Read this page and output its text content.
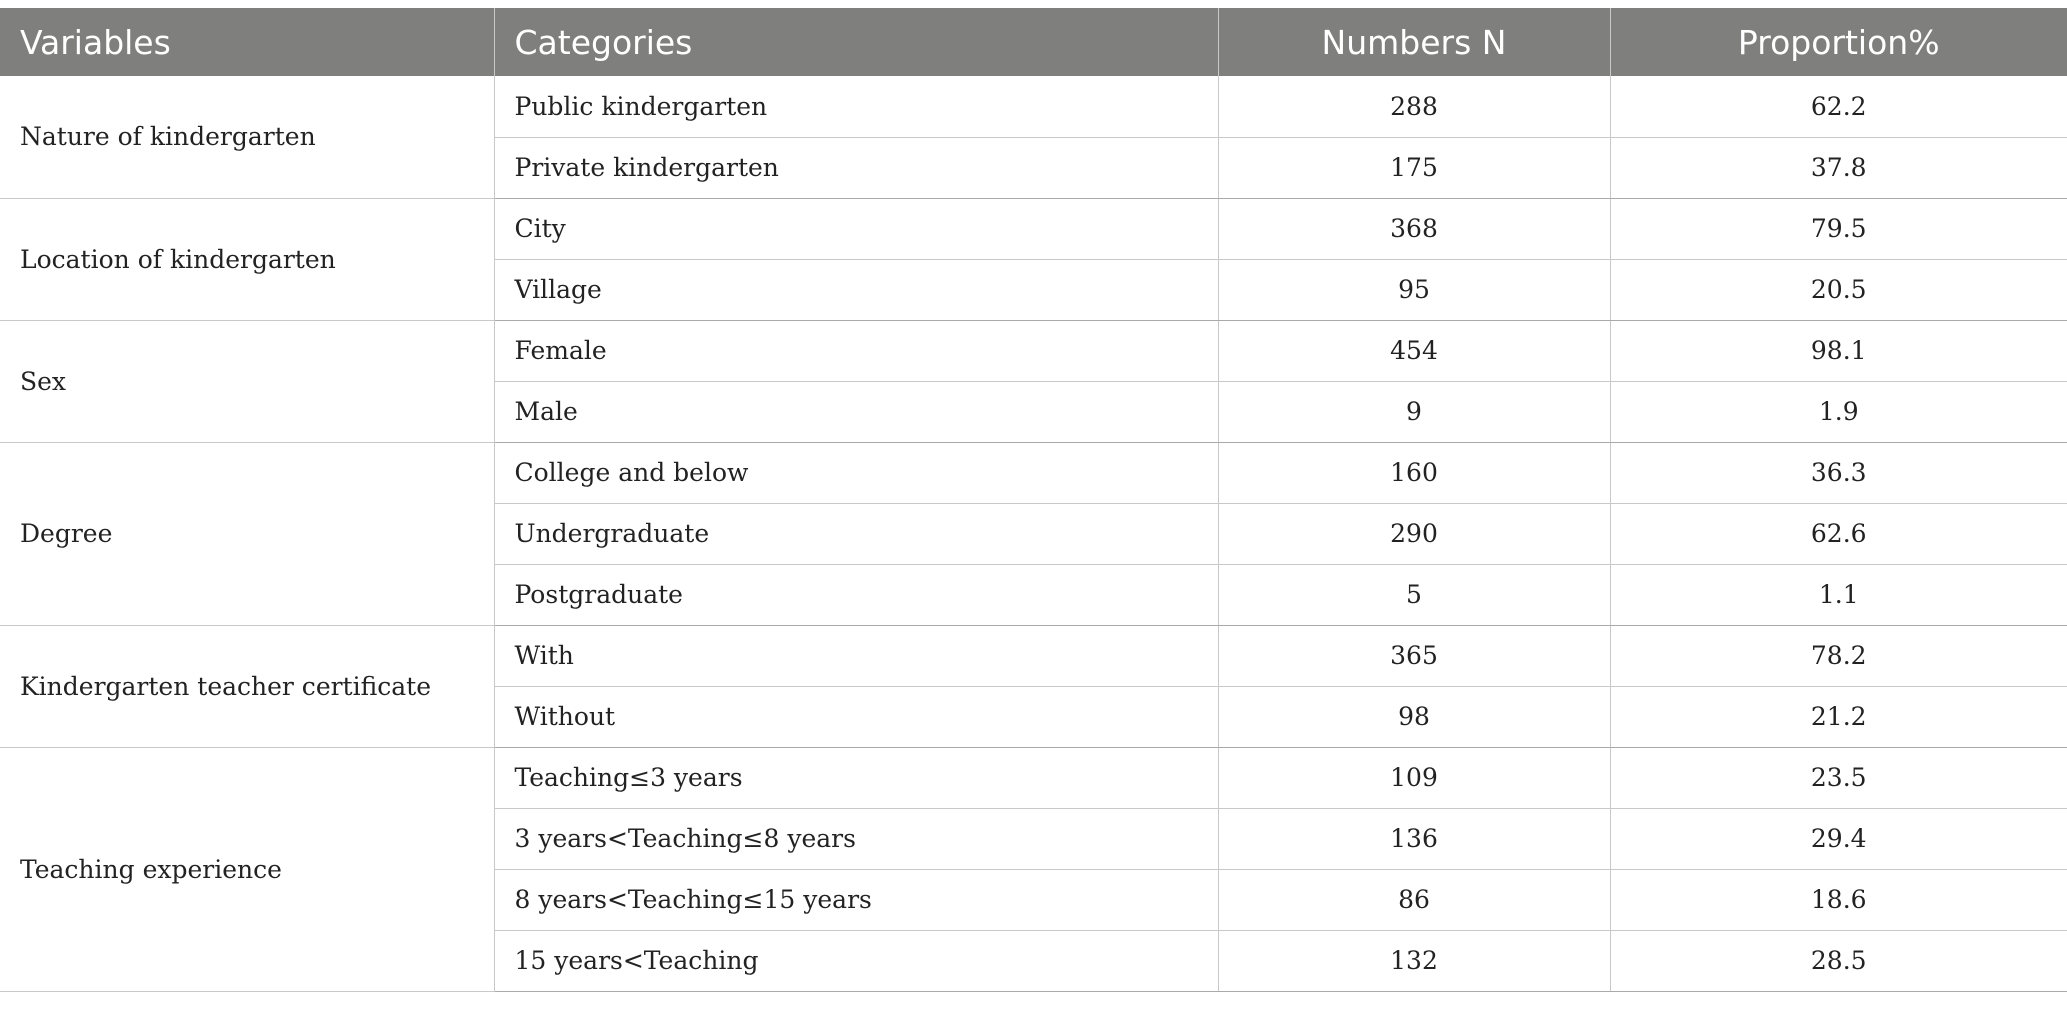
Variables	Categories	Numbers N	Proportion%
Nature of kindergarten	Public kindergarten	288	62.2
	Private kindergarten	175	37.8
Location of kindergarten	City	368	79.5
	Village	95	20.5
Sex	Female	454	98.1
	Male	9	1.9
Degree	College and below	160	36.3
	Undergraduate	290	62.6
	Postgraduate	5	1.1
Kindergarten teacher certificate	With	365	78.2
	Without	98	21.2
Teaching experience	Teaching≤3 years	109	23.5
	3 years<Teaching≤8 years	136	29.4
	8 years<Teaching≤15 years	86	18.6
	15 years<Teaching	132	28.5
